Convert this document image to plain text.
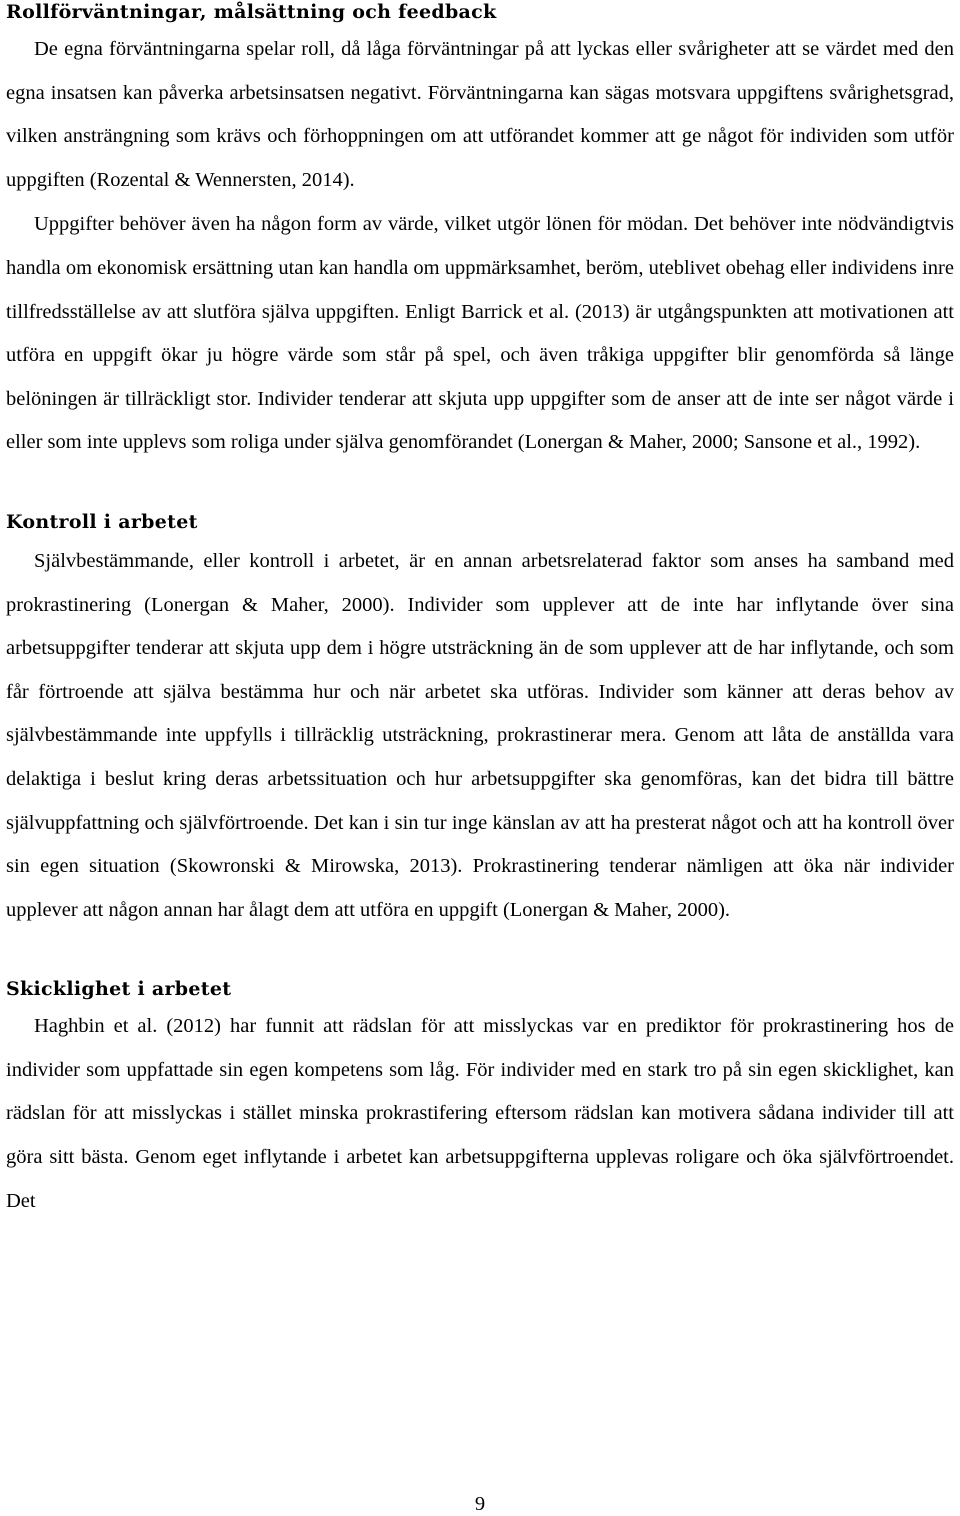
Rollförväntningar, målsättning och feedback

De egna förväntningarna spelar roll, då låga förväntningar på att lyckas eller svårigheter att se värdet med den egna insatsen kan påverka arbetsinsatsen negativt. Förväntningarna kan sägas motsvara uppgiftens svårighetsgrad, vilken ansträngning som krävs och förhoppningen om att utförandet kommer att ge något för individen som utför uppgiften (Rozental & Wennersten, 2014).

Uppgifter behöver även ha någon form av värde, vilket utgör lönen för mödan. Det behöver inte nödvändigtvis handla om ekonomisk ersättning utan kan handla om uppmärksamhet, beröm, uteblivet obehag eller individens inre tillfredsställelse av att slutföra själva uppgiften. Enligt Barrick et al. (2013) är utgångspunkten att motivationen att utföra en uppgift ökar ju högre värde som står på spel, och även tråkiga uppgifter blir genomförda så länge belöningen är tillräckligt stor. Individer tenderar att skjuta upp uppgifter som de anser att de inte ser något värde i eller som inte upplevs som roliga under själva genomförandet (Lonergan & Maher, 2000; Sansone et al., 1992).

Kontroll i arbetet

Självbestämmande, eller kontroll i arbetet, är en annan arbetsrelaterad faktor som anses ha samband med prokrastinering (Lonergan & Maher, 2000). Individer som upplever att de inte har inflytande över sina arbetsuppgifter tenderar att skjuta upp dem i högre utsträckning än de som upplever att de har inflytande, och som får förtroende att själva bestämma hur och när arbetet ska utföras. Individer som känner att deras behov av självbestämmande inte uppfylls i tillräcklig utsträckning, prokrastinerar mera. Genom att låta de anställda vara delaktiga i beslut kring deras arbetssituation och hur arbetsuppgifter ska genomföras, kan det bidra till bättre självuppfattning och självförtroende. Det kan i sin tur inge känslan av att ha presterat något och att ha kontroll över sin egen situation (Skowronski & Mirowska, 2013). Prokrastinering tenderar nämligen att öka när individer upplever att någon annan har ålagt dem att utföra en uppgift (Lonergan & Maher, 2000).

Skicklighet i arbetet

Haghbin et al. (2012) har funnit att rädslan för att misslyckas var en prediktor för prokrastinering hos de individer som uppfattade sin egen kompetens som låg. För individer med en stark tro på sin egen skicklighet, kan rädslan för att misslyckas i stället minska prokrastifering eftersom rädslan kan motivera sådana individer till att göra sitt bästa. Genom eget inflytande i arbetet kan arbetsuppgifterna upplevas roligare och öka självförtroendet. Det

9
